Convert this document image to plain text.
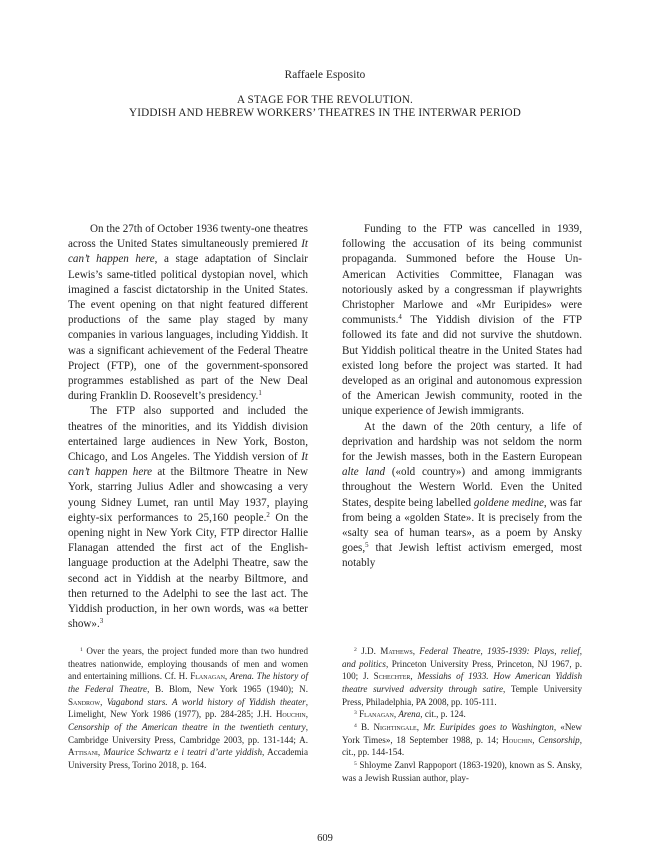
Raffaele Esposito
A STAGE FOR THE REVOLUTION.
YIDDISH AND HEBREW WORKERS’ THEATRES IN THE INTERWAR PERIOD

On the 27th of October 1936 twenty-one theatres across the United States simultaneously premiered It can’t happen here, a stage adaptation of Sinclair Lewis’s same-titled political dystopian novel, which imagined a fascist dictatorship in the United States. The event opening on that night featured different productions of the same play staged by many companies in various languages, including Yiddish. It was a significant achievement of the Federal Theatre Project (FTP), one of the government-sponsored programmes established as part of the New Deal during Franklin D. Roosevelt’s presidency.$^1$

The FTP also supported and included the theatres of the minorities, and its Yiddish division entertained large audiences in New York, Boston, Chicago, and Los Angeles. The Yiddish version of It can’t happen here at the Biltmore Theatre in New York, starring Julius Adler and showcasing a very young Sidney Lumet, ran until May 1937, playing eighty-six performances to 25,160 people.$^2$ On the opening night in New York City, FTP director Hallie Flanagan attended the first act of the English-language production at the Adelphi Theatre, saw the second act in Yiddish at the nearby Biltmore, and then returned to the Adelphi to see the last act. The Yiddish production, in her own words, was «a better show».$^3$

Funding to the FTP was cancelled in 1939, following the accusation of its being communist propaganda. Summoned before the House Un-American Activities Committee, Flanagan was notoriously asked by a congressman if playwrights Christopher Marlowe and «Mr Euripides» were communists.$^4$ The Yiddish division of the FTP followed its fate and did not survive the shutdown. But Yiddish political theatre in the United States had existed long before the project was started. It had developed as an original and autonomous expression of the American Jewish community, rooted in the unique experience of Jewish immigrants.

At the dawn of the 20th century, a life of deprivation and hardship was not seldom the norm for the Jewish masses, both in the Eastern European alte land («old country») and among immigrants throughout the Western World. Even the United States, despite being labelled goldene medine, was far from being a «golden State». It is precisely from the «salty sea of human tears», as a poem by Ansky goes,$^5$ that Jewish leftist activism emerged, most notably

$^1$ Over the years, the project funded more than two hundred theatres nationwide, employing thousands of men and women and entertaining millions. Cf. H. Flanagan, Arena. The history of the Federal Theatre, B. Blom, New York 1965 (1940); N. Sandrow, Vagabond stars. A world history of Yiddish theater, Limelight, New York 1986 (1977), pp. 284-285; J.H. Houchin, Censorship of the American theatre in the twentieth century, Cambridge University Press, Cambridge 2003, pp. 131-144; A. Attisani, Maurice Schwartz e i teatri d’arte yiddish, Accademia University Press, Torino 2018, p. 164.

$^2$ J.D. Mathews, Federal Theatre, 1935-1939: Plays, relief, and politics, Princeton University Press, Princeton, NJ 1967, p. 100; J. Schechter, Messiahs of 1933. How American Yiddish theatre survived adversity through satire, Temple University Press, Philadelphia, PA 2008, pp. 105-111.

$^3$ Flanagan, Arena, cit., p. 124.

$^4$ B. Nightingale, Mr. Euripides goes to Washington, «New York Times», 18 September 1988, p. 14; Houchin, Censorship, cit., pp. 144-154.

$^5$ Shloyme Zanvl Rappoport (1863-1920), known as S. Ansky, was a Jewish Russian author, play-

609
